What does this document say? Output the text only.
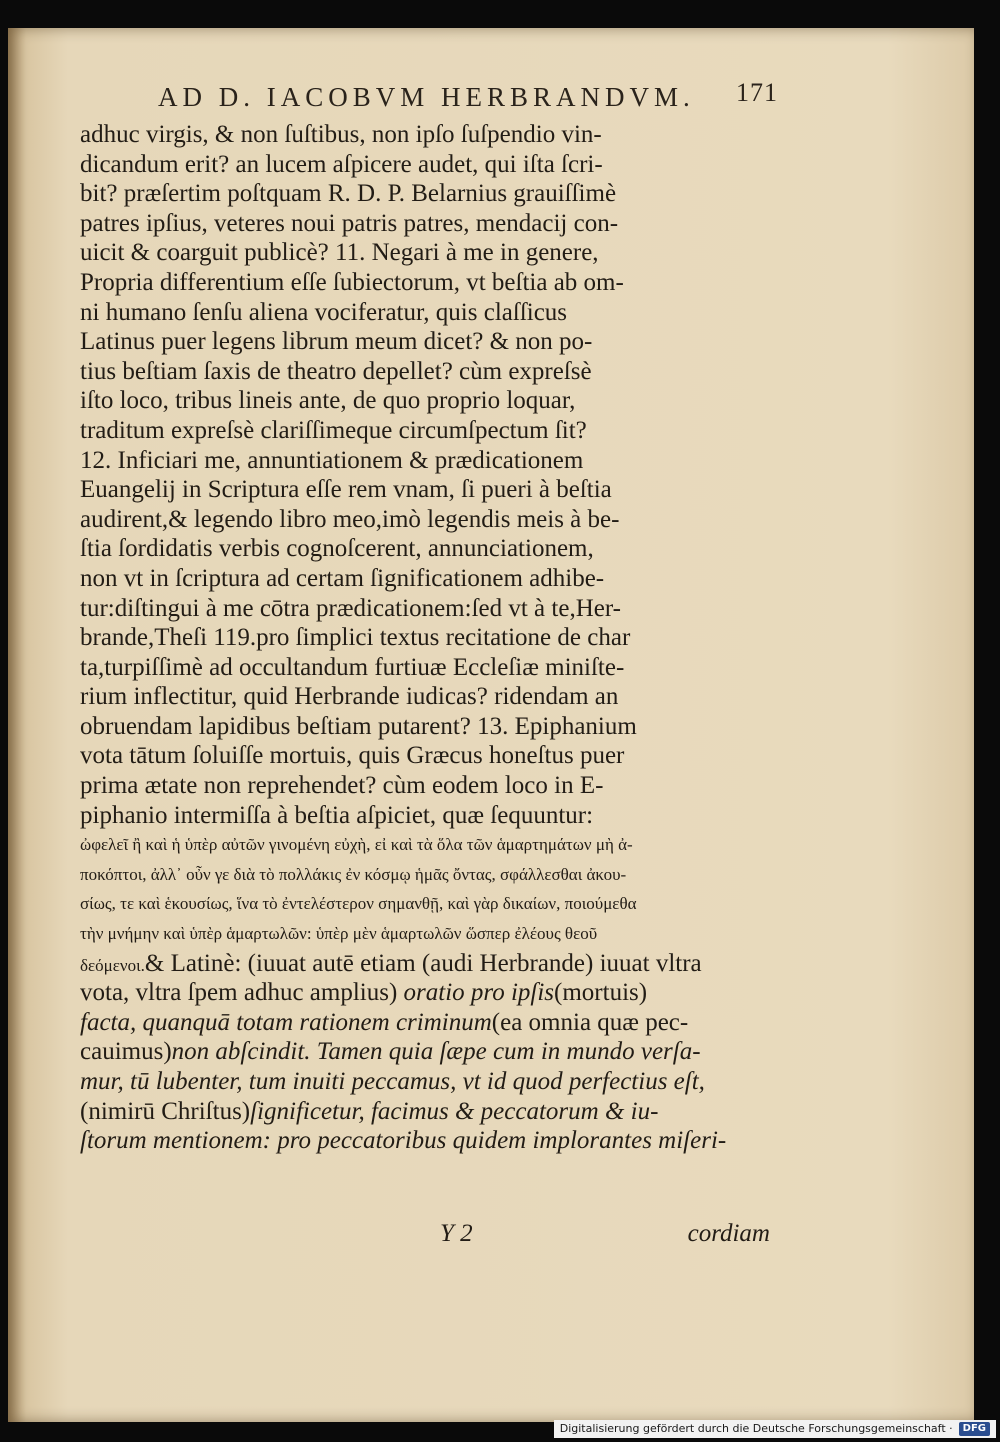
AD D. IACOBVM HERBRANDVM. 171
adhuc virgis, & non ſuſtibus, non ipſo ſuſpendio vin-
dicandum erit? an lucem aſpicere audet, qui iſta ſcri-
bit? præſertim poſtquam R. D. P. Belarnius grauiſſimè
patres ipſius, veteres noui patris patres, mendacij con-
uicit & coarguit publicè? 11. Negari à me in genere,
Propria differentium eſſe ſubiectorum, vt beſtia ab om-
ni humano ſenſu aliena vociferatur, quis claſſicus
Latinus puer legens librum meum dicet? & non po-
tius beſtiam ſaxis de theatro depellet? cùm expreſsè
iſto loco, tribus lineis ante, de quo proprio loquar,
traditum expreſsè clariſſimeque circumſpectum ſit?
12. Inficiari me, annuntiationem & prædicationem
Euangelij in Scriptura eſſe rem vnam, ſi pueri à beſtia
audirent,& legendo libro meo,imò legendis meis à be-
ſtia ſordidatis verbis cognoſcerent, annunciationem,
non vt in ſcriptura ad certam ſignificationem adhibe-
tur:diſtingui à me cōtra prædicationem:ſed vt à te,Her-
brande,Theſi 119.pro ſimplici textus recitatione de char
ta,turpiſſimè ad occultandum furtiuæ Eccleſiæ miniſte-
rium inflectitur, quid Herbrande iudicas? ridendam an
obruendam lapidibus beſtiam putarent? 13. Epiphanium
vota tātum ſoluiſſe mortuis, quis Græcus honeſtus puer
prima ætate non reprehendet? cùm eodem loco in E-
piphanio intermiſſa à beſtia aſpiciet, quæ ſequuntur:
ὠφελεῖ ἢ καὶ ἡ ὑπὲρ αὐτῶν γινομένη εὐχὴ, εἰ καὶ τὰ ὅλα τῶν ἁμαρτημάτων μὴ ἀ-
ποκόπτοι, ἀλλ᾽ οὖν γε διὰ τὸ πολλάκις ἐν κόσμῳ ἡμᾶς ὄντας, σφάλλεσθαι ἀκου-
σίως, τε καὶ ἑκουσίως, ἵνα τὸ ἐντελέστερον σημανθῇ, καὶ γὰρ δικαίων, ποιούμεθα
τὴν μνήμην καὶ ὑπὲρ ἁμαρτωλῶν: ὑπὲρ μὲν ἁμαρτωλῶν ὥσπερ ἐλέους θεοῦ
δεόμενοι.& Latinè: (iuuat autē etiam (audi Herbrande) iuuat vltra
vota, vltra ſpem adhuc amplius) oratio pro ipſis(mortuis)
facta, quanquā totam rationem criminum(ea omnia quæ pec-
cauimus)non abſcindit. Tamen quia ſæpe cum in mundo verſa-
mur, tū lubenter, tum inuiti peccamus, vt id quod perfectius eſt,
(nimirū Chriſtus)ſignificetur, facimus & peccatorum & iu-
ſtorum mentionem: pro peccatoribus quidem implorantes miſeri-
Y 2	cordiam
Digitalisierung gefördert durch die Deutsche Forschungsgemeinschaft ·	DFG
